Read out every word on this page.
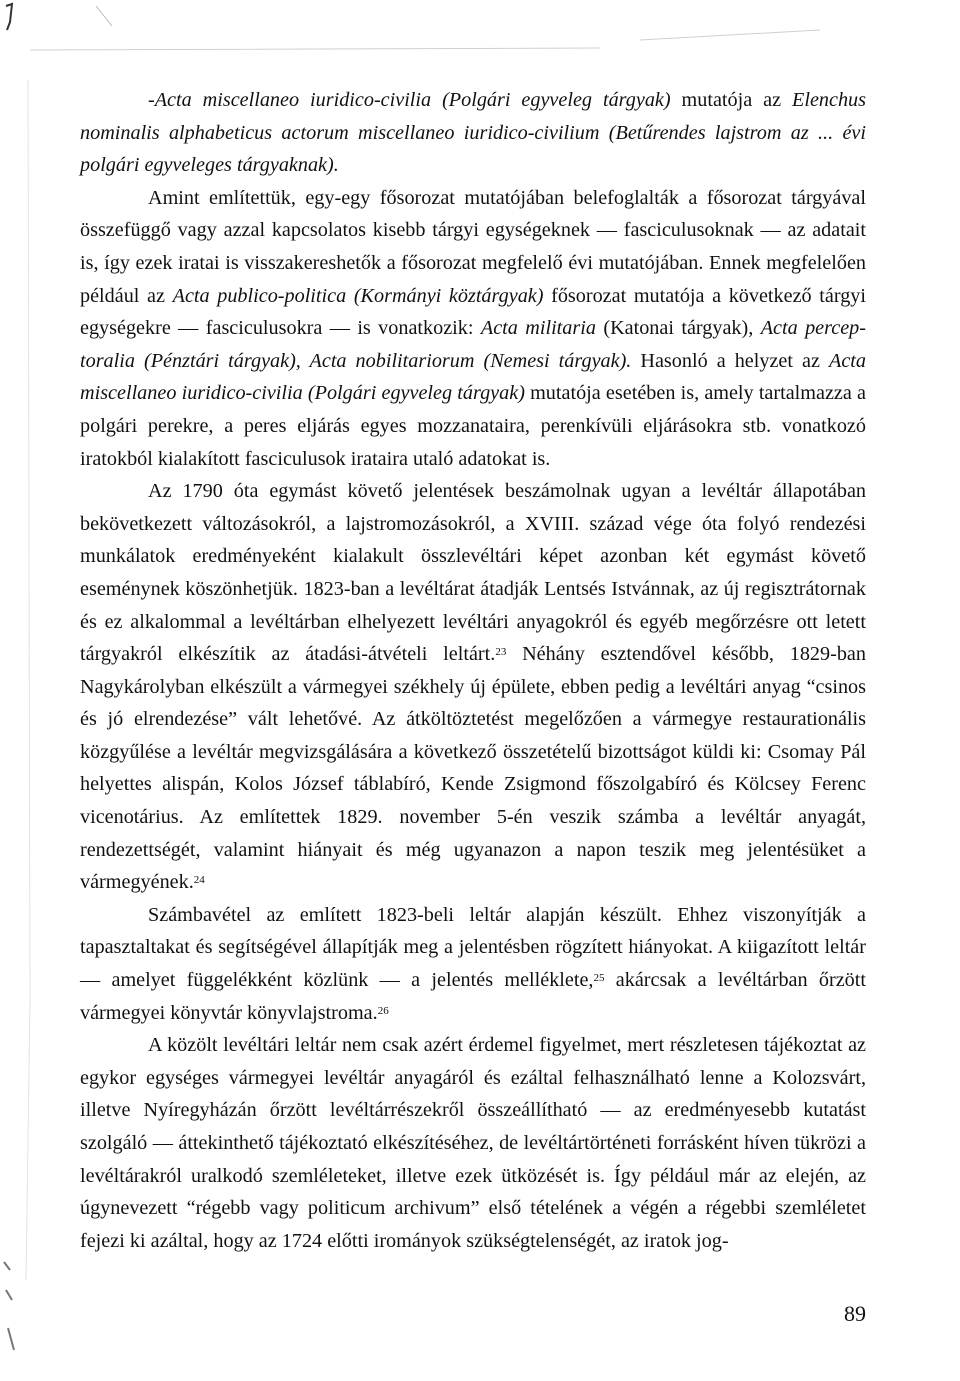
-Acta miscellaneo iuridico-civilia (Polgári egyveleg tárgyak) mutatója az Elenchus nominalis alphabeticus actorum miscellaneo iuridico-civilium (Betűrendes lajstrom az ... évi polgári egyveleges tárgyaknak).

Amint említettük, egy-egy fősorozat mutatójában belefoglalták a fősorozat tárgyával összefüggő vagy azzal kapcsolatos kisebb tárgyi egységeknek — fasciculusoknak — az adatait is, így ezek iratai is visszakereshetők a fősorozat megfelelő évi mutatójában. Ennek megfelelően például az Acta publico-politica (Kormányi köztárgyak) fősorozat mutatója a következő tárgyi egységekre — fasciculusokra — is vonatkozik: Acta militaria (Katonai tárgyak), Acta perceptoralia (Pénztári tárgyak), Acta nobilitariorum (Nemesi tárgyak). Hasonló a helyzet az Acta miscellaneo iuridico-civilia (Polgári egyveleg tárgyak) mutatója esetében is, amely tartalmazza a polgári perekre, a peres eljárás egyes mozzanataira, perenkívüli eljárásokra stb. vonatkozó iratokból kialakított fasciculusok irataira utaló adatokat is.

Az 1790 óta egymást követő jelentések beszámolnak ugyan a levéltár állapotában bekövetkezett változásokról, a lajstromozásokról, a XVIII. század vége óta folyó rendezési munkálatok eredményeként kialakult összlevéltári képet azonban két egymást követő eseménynek köszönhetjük. 1823-ban a levéltárat átadják Lentsés Istvánnak, az új regisztrátornak és ez alkalommal a levéltárban elhelyezett levéltári anyagokról és egyéb megőrzésre ott letett tárgyakról elkészítik az átadási-átvételi leltárt.$^{23}$ Néhány esztendővel később, 1829-ban Nagykárolyban elkészült a vármegyei székhely új épülete, ebben pedig a levéltári anyag “csinos és jó elrendezése” vált lehetővé. Az átköltöztetést megelőzően a vármegye restaurationális közgyűlése a levéltár megvizsgálására a következő összetételű bizottságot küldi ki: Csomay Pál helyettes alispán, Kolos József táblabíró, Kende Zsigmond főszolgabíró és Kölcsey Ferenc vicenotárius. Az említettek 1829. november 5-én veszik számba a levéltár anyagát, rendezettségét, valamint hiányait és még ugyanazon a napon teszik meg jelentésüket a vármegyének.$^{24}$

Számbavétel az említett 1823-beli leltár alapján készült. Ehhez viszonyítják a tapasztaltakat és segítségével állapítják meg a jelentésben rögzített hiányokat. A kiigazított leltár — amelyet függelékként közlünk — a jelentés melléklete,$^{25}$ akárcsak a levéltárban őrzött vármegyei könyvtár könyvlajstroma.$^{26}$

A közölt levéltári leltár nem csak azért érdemel figyelmet, mert részletesen tájékoztat az egykor egységes vármegyei levéltár anyagáról és ezáltal felhasználható lenne a Kolozsvárt, illetve Nyíregyházán őrzött levéltárrészekről összeállítható — az eredményesebb kutatást szolgáló — áttekinthető tájékoztató elkészítéséhez, de levéltártörténeti forrásként híven tükrözi a levéltárakról uralkodó szemléleteket, illetve ezek ütközését is. Így például már az elején, az úgynevezett “régebb vagy politicum archivum” első tételének a végén a régebbi szemléletet fejezi ki azáltal, hogy az 1724 előtti irományok szükségtelenségét, az iratok jog-

89
